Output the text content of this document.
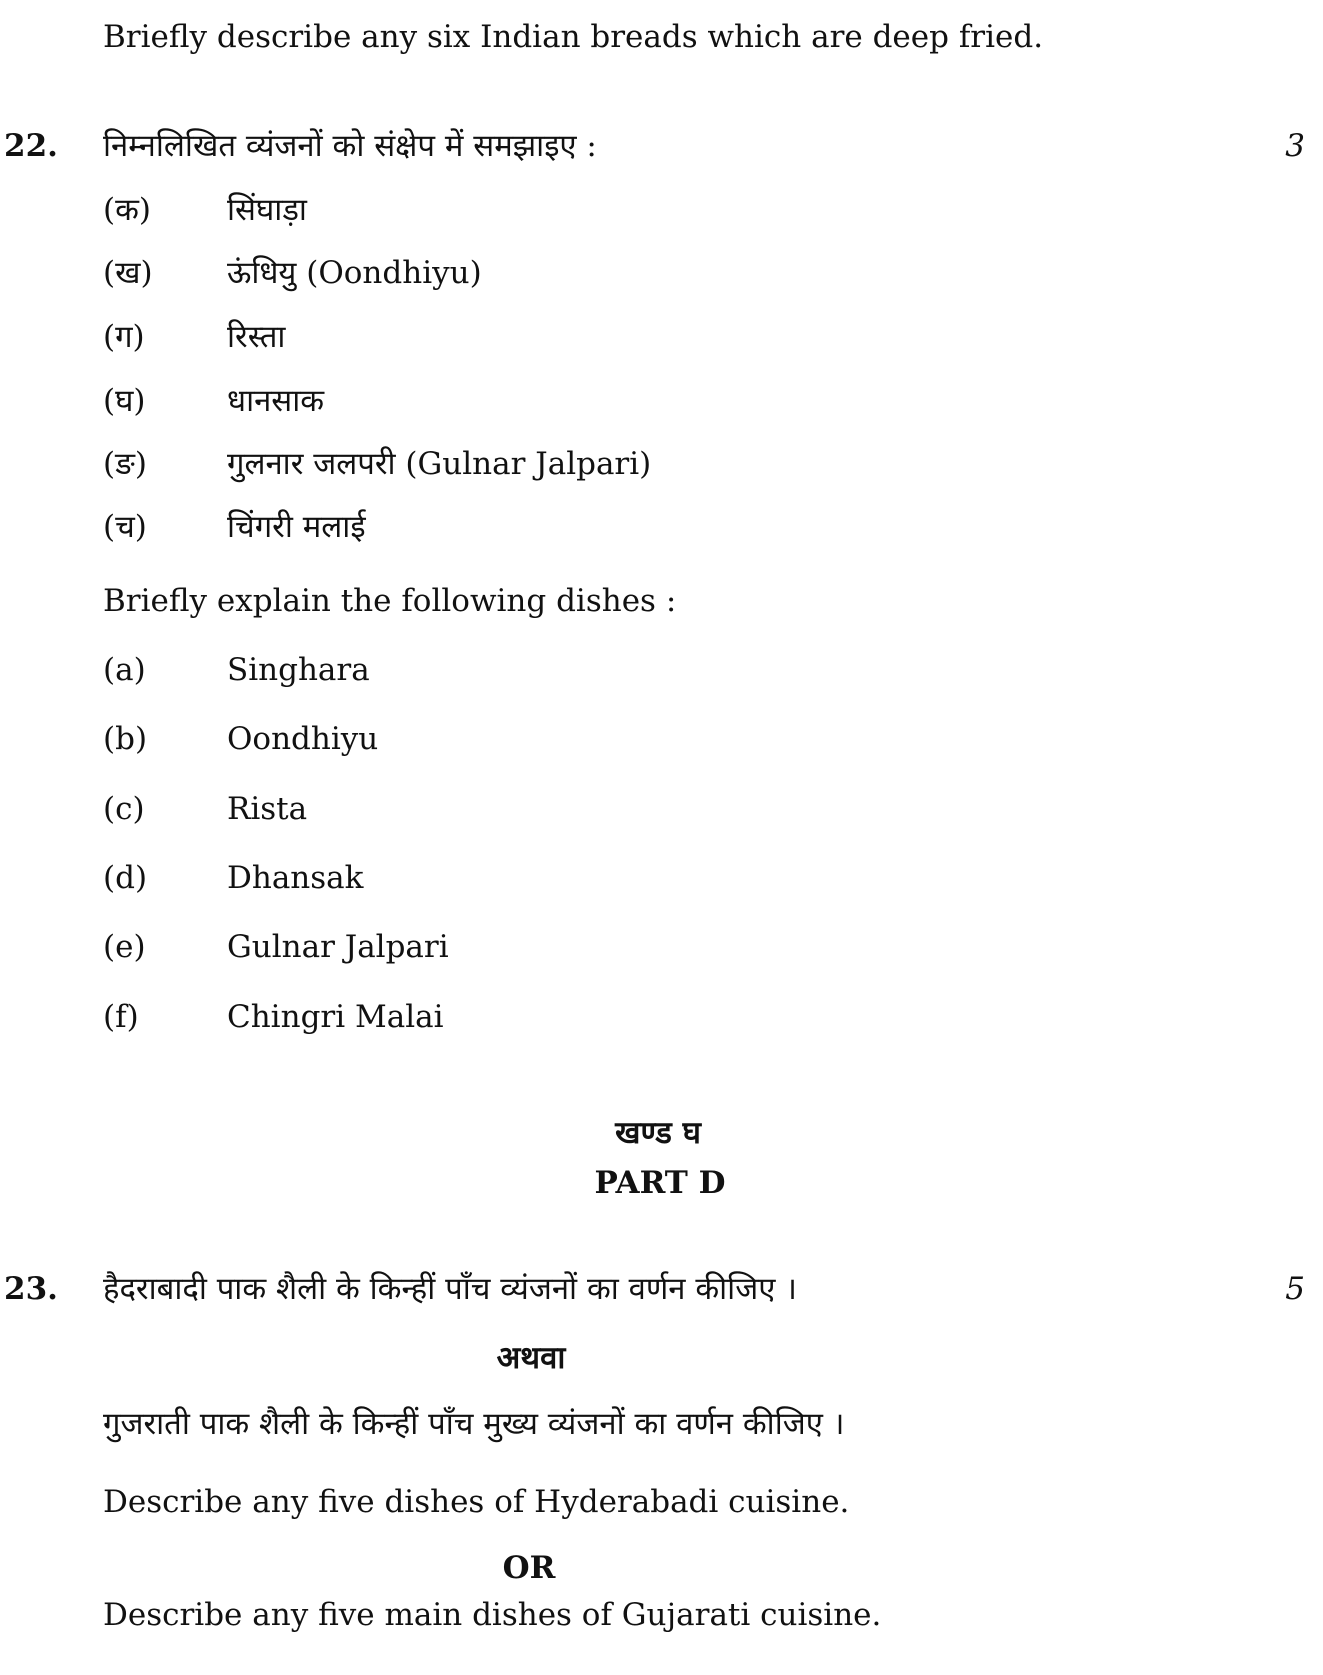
Briefly describe any six Indian breads which are deep fried.
22. निम्नलिखित व्यंजनों को संक्षेप में समझाइए :	3
(क) सिंघाड़ा
(ख) ऊंधियु (Oondhiyu)
(ग)	रिस्ता
(घ)	धानसाक
(ङ)	गुलनार जलपरी (Gulnar Jalpari)
(च)	चिंगरी मलाई
Briefly explain the following dishes :
(a)	Singhara
(b)	Oondhiyu
(c)	Rista
(d)	Dhansak
(e)	Gulnar Jalpari
(f)	Chingri Malai
खण्ड घ
PART D
23. हैदराबादी पाक शैली के किन्हीं पाँच व्यंजनों का वर्णन कीजिए ।	5
अथवा
गुजराती पाक शैली के किन्हीं पाँच मुख्य व्यंजनों का वर्णन कीजिए ।
Describe any five dishes of Hyderabadi cuisine.
OR
Describe any five main dishes of Gujarati cuisine.
